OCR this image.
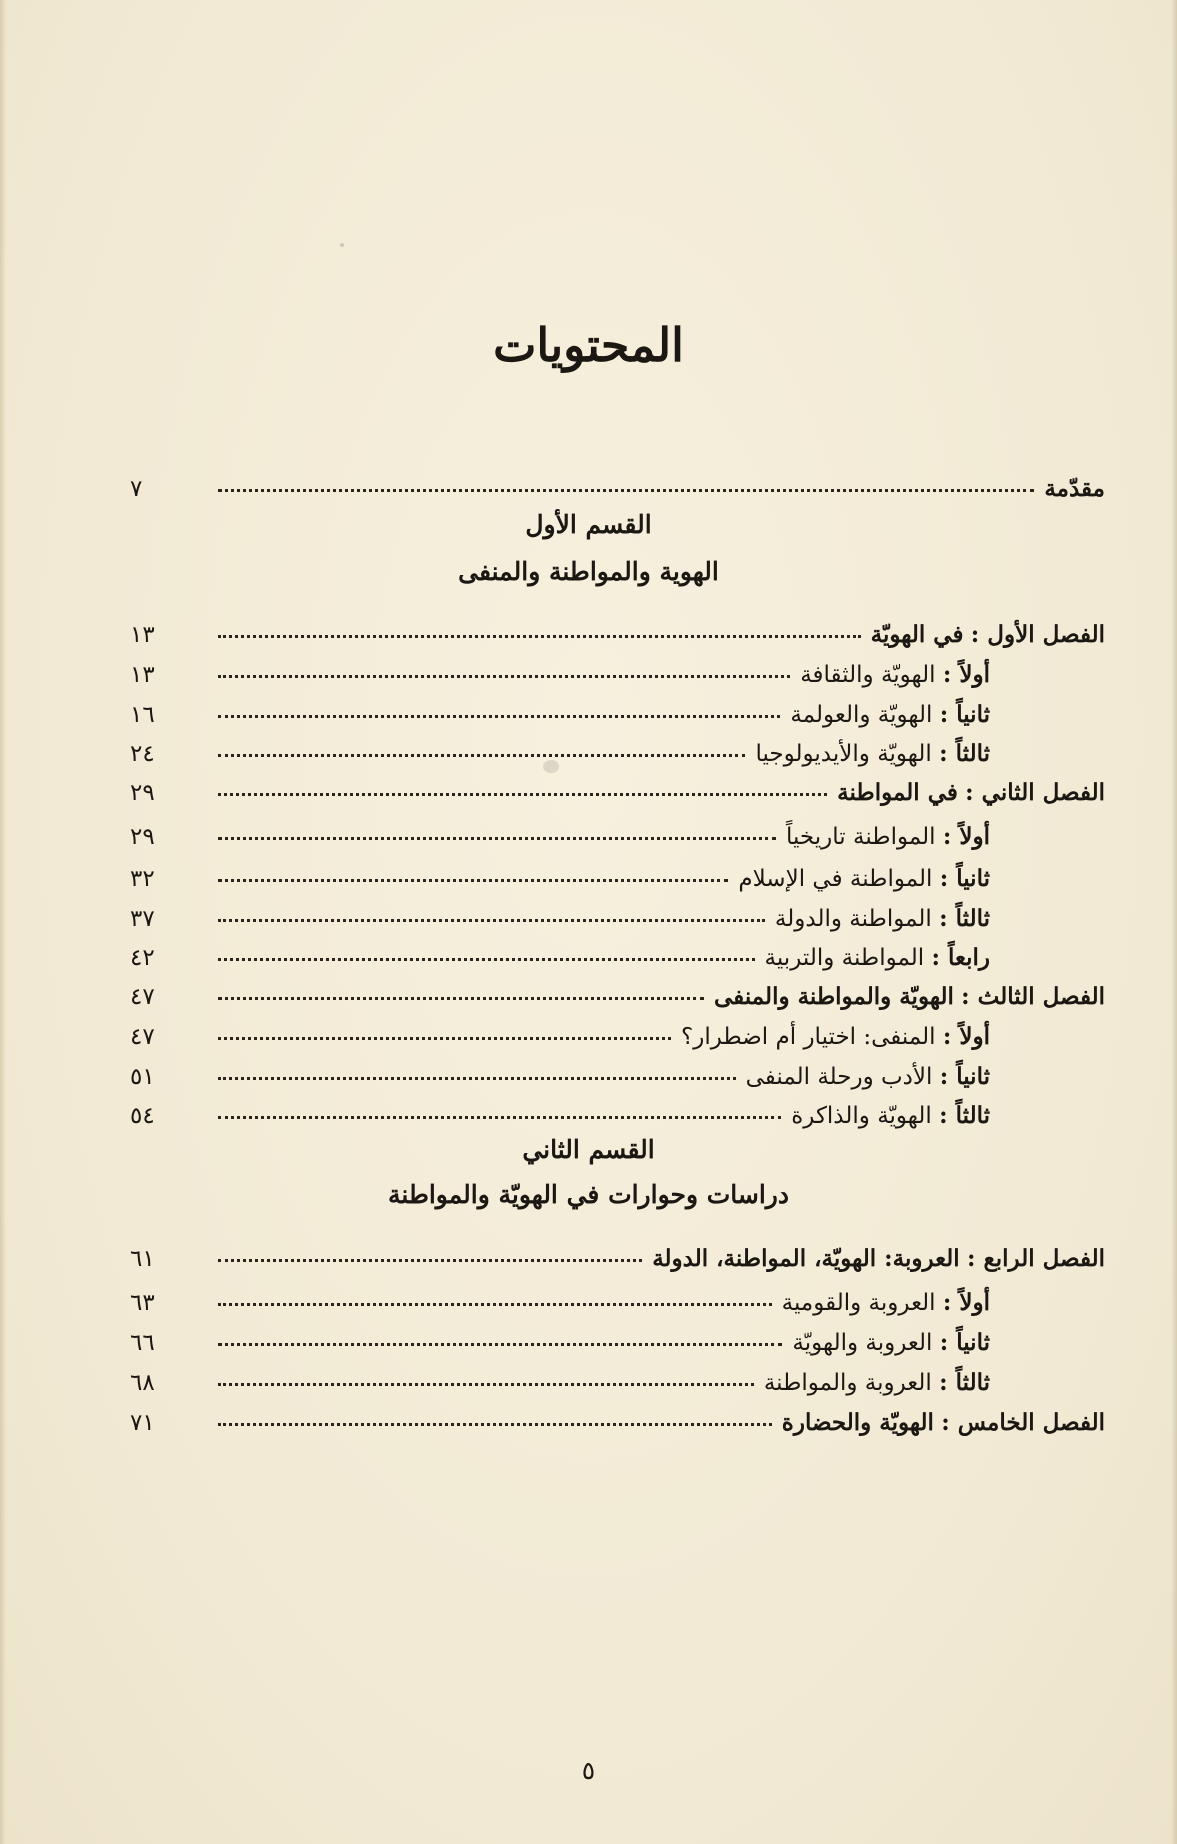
المحتويات
مقدّمة
٧
القسم الأول
الهوية والمواطنة والمنفى
الفصل الأول : في الهويّة
١٣
أولاً : الهويّة والثقافة
١٣
ثانياً : الهويّة والعولمة
١٦
ثالثاً : الهويّة والأيديولوجيا
٢٤
الفصل الثاني : في المواطنة
٢٩
أولاً : المواطنة تاريخياً
٢٩
ثانياً : المواطنة في الإسلام
٣٢
ثالثاً : المواطنة والدولة
٣٧
رابعاً : المواطنة والتربية
٤٢
الفصل الثالث : الهويّة والمواطنة والمنفى
٤٧
أولاً : المنفى: اختيار أم اضطرار؟
٤٧
ثانياً : الأدب ورحلة المنفى
٥١
ثالثاً : الهويّة والذاكرة
٥٤
القسم الثاني
دراسات وحوارات في الهويّة والمواطنة
الفصل الرابع : العروبة: الهويّة، المواطنة، الدولة
٦١
أولاً : العروبة والقومية
٦٣
ثانياً : العروبة والهويّة
٦٦
ثالثاً : العروبة والمواطنة
٦٨
الفصل الخامس : الهويّة والحضارة
٧١
٥
